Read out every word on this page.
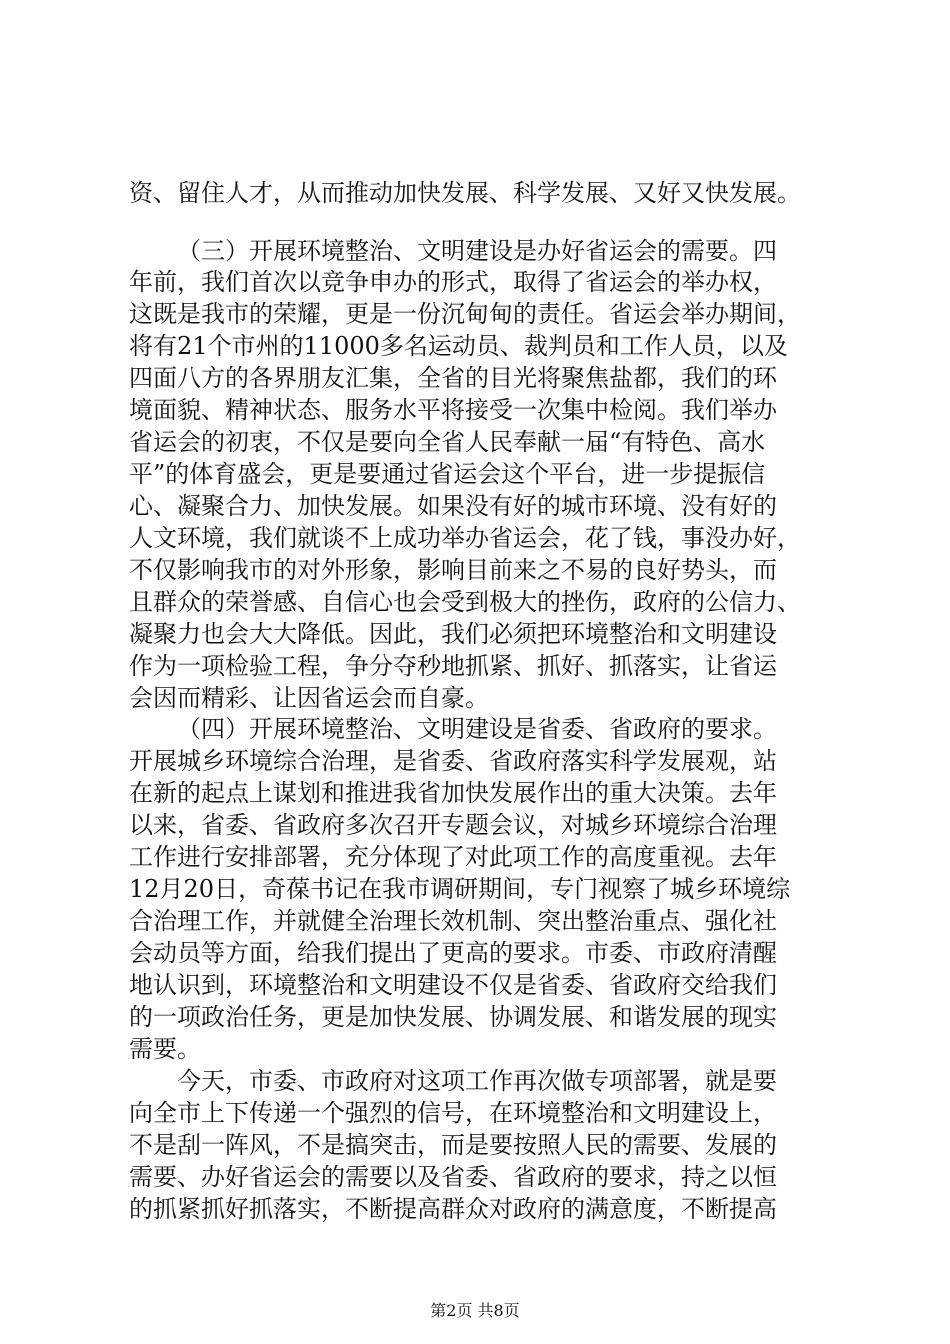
资、留住人才，从而推动加快发展、科学发展、又好又快发展。
（三）开展环境整治、文明建设是办好省运会的需要。四
年前，我们首次以竞争申办的形式，取得了省运会的举办权，
这既是我市的荣耀，更是一份沉甸甸的责任。省运会举办期间，
将有21个市州的11000多名运动员、裁判员和工作人员，以及
四面八方的各界朋友汇集，全省的目光将聚焦盐都，我们的环
境面貌、精神状态、服务水平将接受一次集中检阅。我们举办
省运会的初衷，不仅是要向全省人民奉献一届“有特色、高水
平”的体育盛会，更是要通过省运会这个平台，进一步提振信
心、凝聚合力、加快发展。如果没有好的城市环境、没有好的
人文环境，我们就谈不上成功举办省运会，花了钱，事没办好，
不仅影响我市的对外形象，影响目前来之不易的良好势头，而
且群众的荣誉感、自信心也会受到极大的挫伤，政府的公信力、
凝聚力也会大大降低。因此，我们必须把环境整治和文明建设
作为一项检验工程，争分夺秒地抓紧、抓好、抓落实，让省运
会因而精彩、让因省运会而自豪。
（四）开展环境整治、文明建设是省委、省政府的要求。
开展城乡环境综合治理，是省委、省政府落实科学发展观，站
在新的起点上谋划和推进我省加快发展作出的重大决策。去年
以来，省委、省政府多次召开专题会议，对城乡环境综合治理
工作进行安排部署，充分体现了对此项工作的高度重视。去年
12月20日，奇葆书记在我市调研期间，专门视察了城乡环境综
合治理工作，并就健全治理长效机制、突出整治重点、强化社
会动员等方面，给我们提出了更高的要求。市委、市政府清醒
地认识到，环境整治和文明建设不仅是省委、省政府交给我们
的一项政治任务，更是加快发展、协调发展、和谐发展的现实
需要。
今天，市委、市政府对这项工作再次做专项部署，就是要
向全市上下传递一个强烈的信号，在环境整治和文明建设上，
不是刮一阵风，不是搞突击，而是要按照人民的需要、发展的
需要、办好省运会的需要以及省委、省政府的要求，持之以恒
的抓紧抓好抓落实，不断提高群众对政府的满意度，不断提高
第2页 共8页
